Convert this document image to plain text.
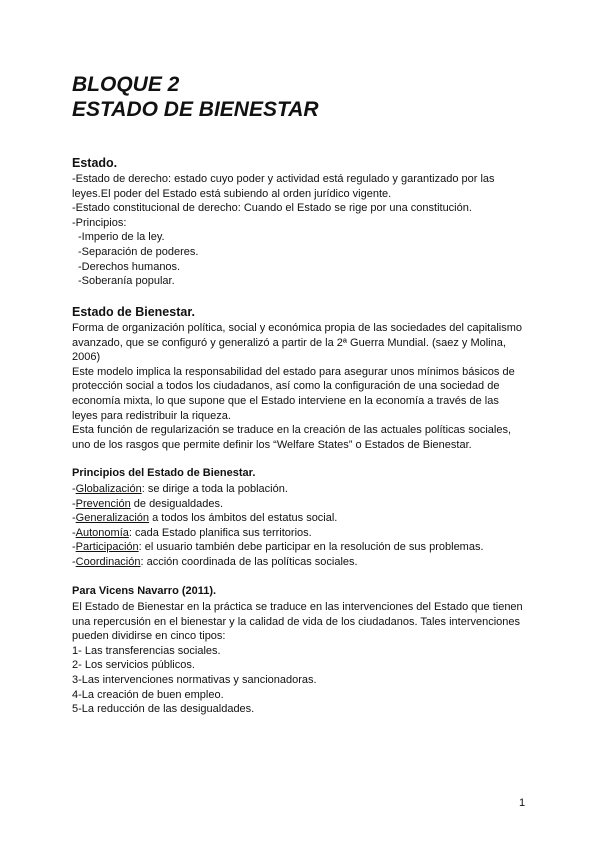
BLOQUE 2

ESTADO DE BIENESTAR

Estado.

-Estado de derecho: estado cuyo poder y actividad está regulado y garantizado por las

leyes.El poder del Estado está subiendo al orden jurídico vigente.

-Estado constitucional de derecho: Cuando el Estado se rige por una constitución.

-Principios:

-Imperio de la ley.

-Separación de poderes.

-Derechos humanos.

-Soberanía popular.

Estado de Bienestar.

Forma de organización política, social y económica propia de las sociedades del capitalismo

avanzado, que se configuró y generalizó a partir de la 2ª Guerra Mundial. (saez y Molina,

2006)

Este modelo implica la responsabilidad del estado para asegurar unos mínimos básicos de

protección social a todos los ciudadanos, así como la configuración de una sociedad de

economía mixta, lo que supone que el Estado interviene en la economía a través de las

leyes para redistribuir la riqueza.

Esta función de regularización se traduce en la creación de las actuales políticas sociales,

uno de los rasgos que permite definir los “Welfare States” o Estados de Bienestar.

Principios del Estado de Bienestar.

-Globalización: se dirige a toda la población.

-Prevención de desigualdades.

-Generalización a todos los ámbitos del estatus social.

-Autonomía: cada Estado planifica sus territorios.

-Participación: el usuario también debe participar en la resolución de sus problemas.

-Coordinación: acción coordinada de las políticas sociales.

Para Vicens Navarro (2011).

El Estado de Bienestar en la práctica se traduce en las intervenciones del Estado que tienen

una repercusión en el bienestar y la calidad de vida de los ciudadanos. Tales intervenciones

pueden dividirse en cinco tipos:

1- Las transferencias sociales.

2- Los servicios públicos.

3-Las intervenciones normativas y sancionadoras.

4-La creación de buen empleo.

5-La reducción de las desigualdades.

1
